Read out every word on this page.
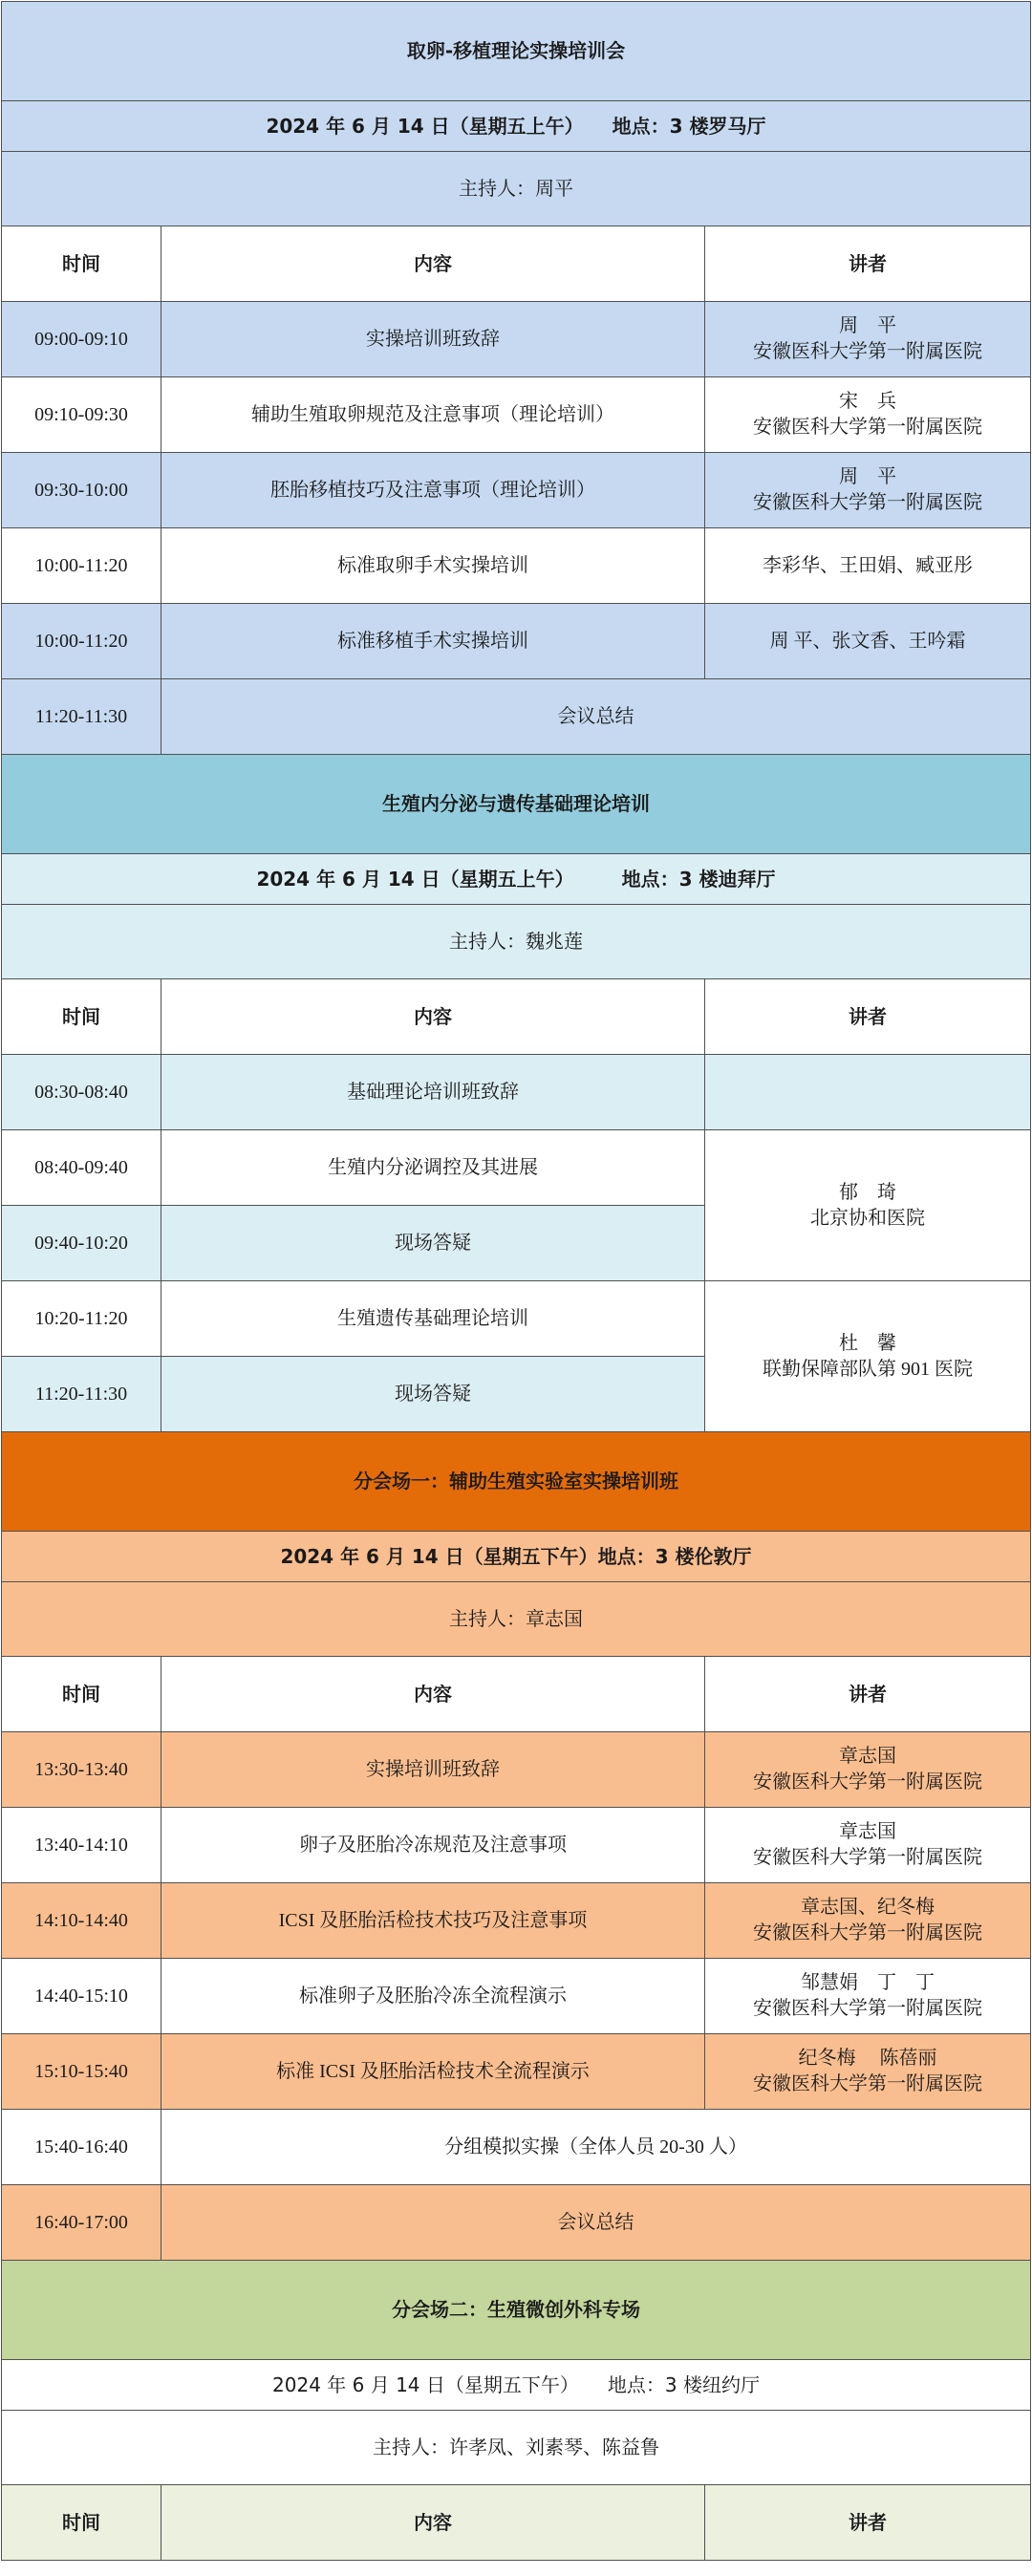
取卵-移植理论实操培训会		
2024 年 6 月 14 日（星期五上午）　　 地点：3 楼罗马厅		
主持人：周平		
时间	内容	讲者
09:00-09:10	实操培训班致辞	周　平
安徽医科大学第一附属医院

09:10-09:30	辅助生殖取卵规范及注意事项（理论培训）	宋　兵
安徽医科大学第一附属医院

09:30-10:00	胚胎移植技巧及注意事项（理论培训）	周　平
安徽医科大学第一附属医院

10:00-11:20	标准取卵手术实操培训	李彩华、王田娟、臧亚彤
10:00-11:20	标准移植手术实操培训	周 平、张文香、王吟霜
11:20-11:30	会议总结	
生殖内分泌与遗传基础理论培训		
2024 年 6 月 14 日（星期五上午）　　　 地点：3 楼迪拜厅		
主持人：魏兆莲		
时间	内容	讲者
08:30-08:40	基础理论培训班致辞	
08:40-09:40	生殖内分泌调控及其进展	郁　琦
北京协和医院

09:40-10:20	现场答疑	
10:20-11:20	生殖遗传基础理论培训	杜　馨
联勤保障部队第 901 医院

11:20-11:30	现场答疑	
分会场一：辅助生殖实验室实操培训班		
2024 年 6 月 14 日（星期五下午）地点：3 楼伦敦厅		
主持人：章志国		
时间	内容	讲者
13:30-13:40	实操培训班致辞	章志国
安徽医科大学第一附属医院

13:40-14:10	卵子及胚胎冷冻规范及注意事项	章志国
安徽医科大学第一附属医院

14:10-14:40	ICSI 及胚胎活检技术技巧及注意事项	章志国、纪冬梅
安徽医科大学第一附属医院

14:40-15:10	标准卵子及胚胎冷冻全流程演示	邹慧娟　丁　丁
安徽医科大学第一附属医院

15:10-15:40	标准 ICSI 及胚胎活检技术全流程演示	纪冬梅　 陈蓓丽
安徽医科大学第一附属医院

15:40-16:40	分组模拟实操（全体人员 20-30 人）	
16:40-17:00	会议总结	
分会场二：生殖微创外科专场		
2024 年 6 月 14 日（星期五下午）　　 地点：3 楼纽约厅		
主持人：许孝凤、刘素琴、陈益鲁		
时间	内容	讲者
